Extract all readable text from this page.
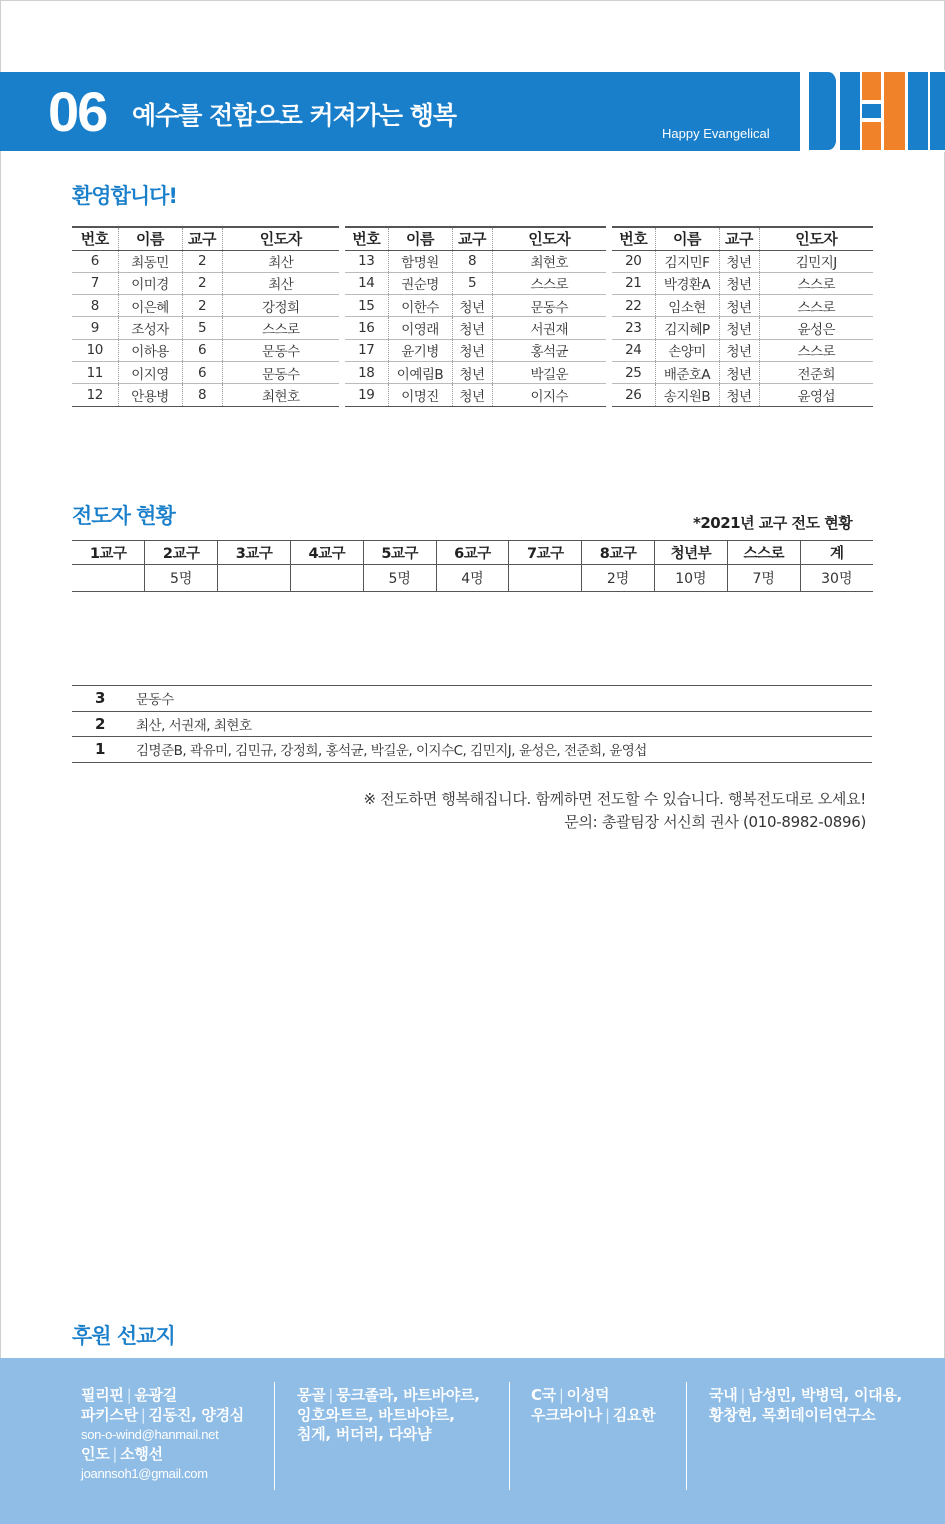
06 예수를 전함으로 커져가는 행복
Happy Evangelical
환영합니다!
번호	이름	교구	인도자	번호	이름	교구	인도자	번호	이름	교구	인도자
6	최동민	2	최산	13	함명원	8	최현호	20	김지민F	청년	김민지J
7	이미경	2	최산	14	권순명	5	스스로	21	박경환A	청년	스스로
8	이은혜	2	강정희	15	이한수	청년	문동수	22	임소현	청년	스스로
9	조성자	5	스스로	16	이영래	청년	서권재	23	김지혜P	청년	윤성은
10	이하용	6	문동수	17	윤기병	청년	홍석균	24	손양미	청년	스스로
11	이지영	6	문동수	18	이예림B	청년	박길운	25	배준호A	청년	전준희
12	안용병	8	최현호	19	이명진	청년	이지수	26	송지원B	청년	윤영섭
전도자 현황	*2021년 교구 전도 현황
1교구	2교구	3교구	4교구	5교구	6교구	7교구	8교구	청년부	스스로	계
	5명			5명	4명		2명	10명	7명	30명
3	문동수
2	최산, 서권재, 최현호
1	김명준B, 곽유미, 김민규, 강정희, 홍석균, 박길운, 이지수C, 김민지J, 윤성은, 전준희, 윤영섭
※ 전도하면 행복해집니다. 함께하면 전도할 수 있습니다. 행복전도대로 오세요!
문의: 총괄팀장 서신희 권사 (010-8982-0896)
후원 선교지
필리핀 | 윤광길
파키스탄 | 김동진, 양경심
son-o-wind@hanmail.net
인도 | 소행선
joannsoh1@gmail.com
몽골 | 뭉크졸라, 바트바야르,
잉호와트르, 바트바야르,
침게, 버더러, 다와냠
C국 | 이성덕
우크라이나 | 김요한
국내 | 남성민, 박병덕, 이대용,
황창현, 목회데이터연구소
